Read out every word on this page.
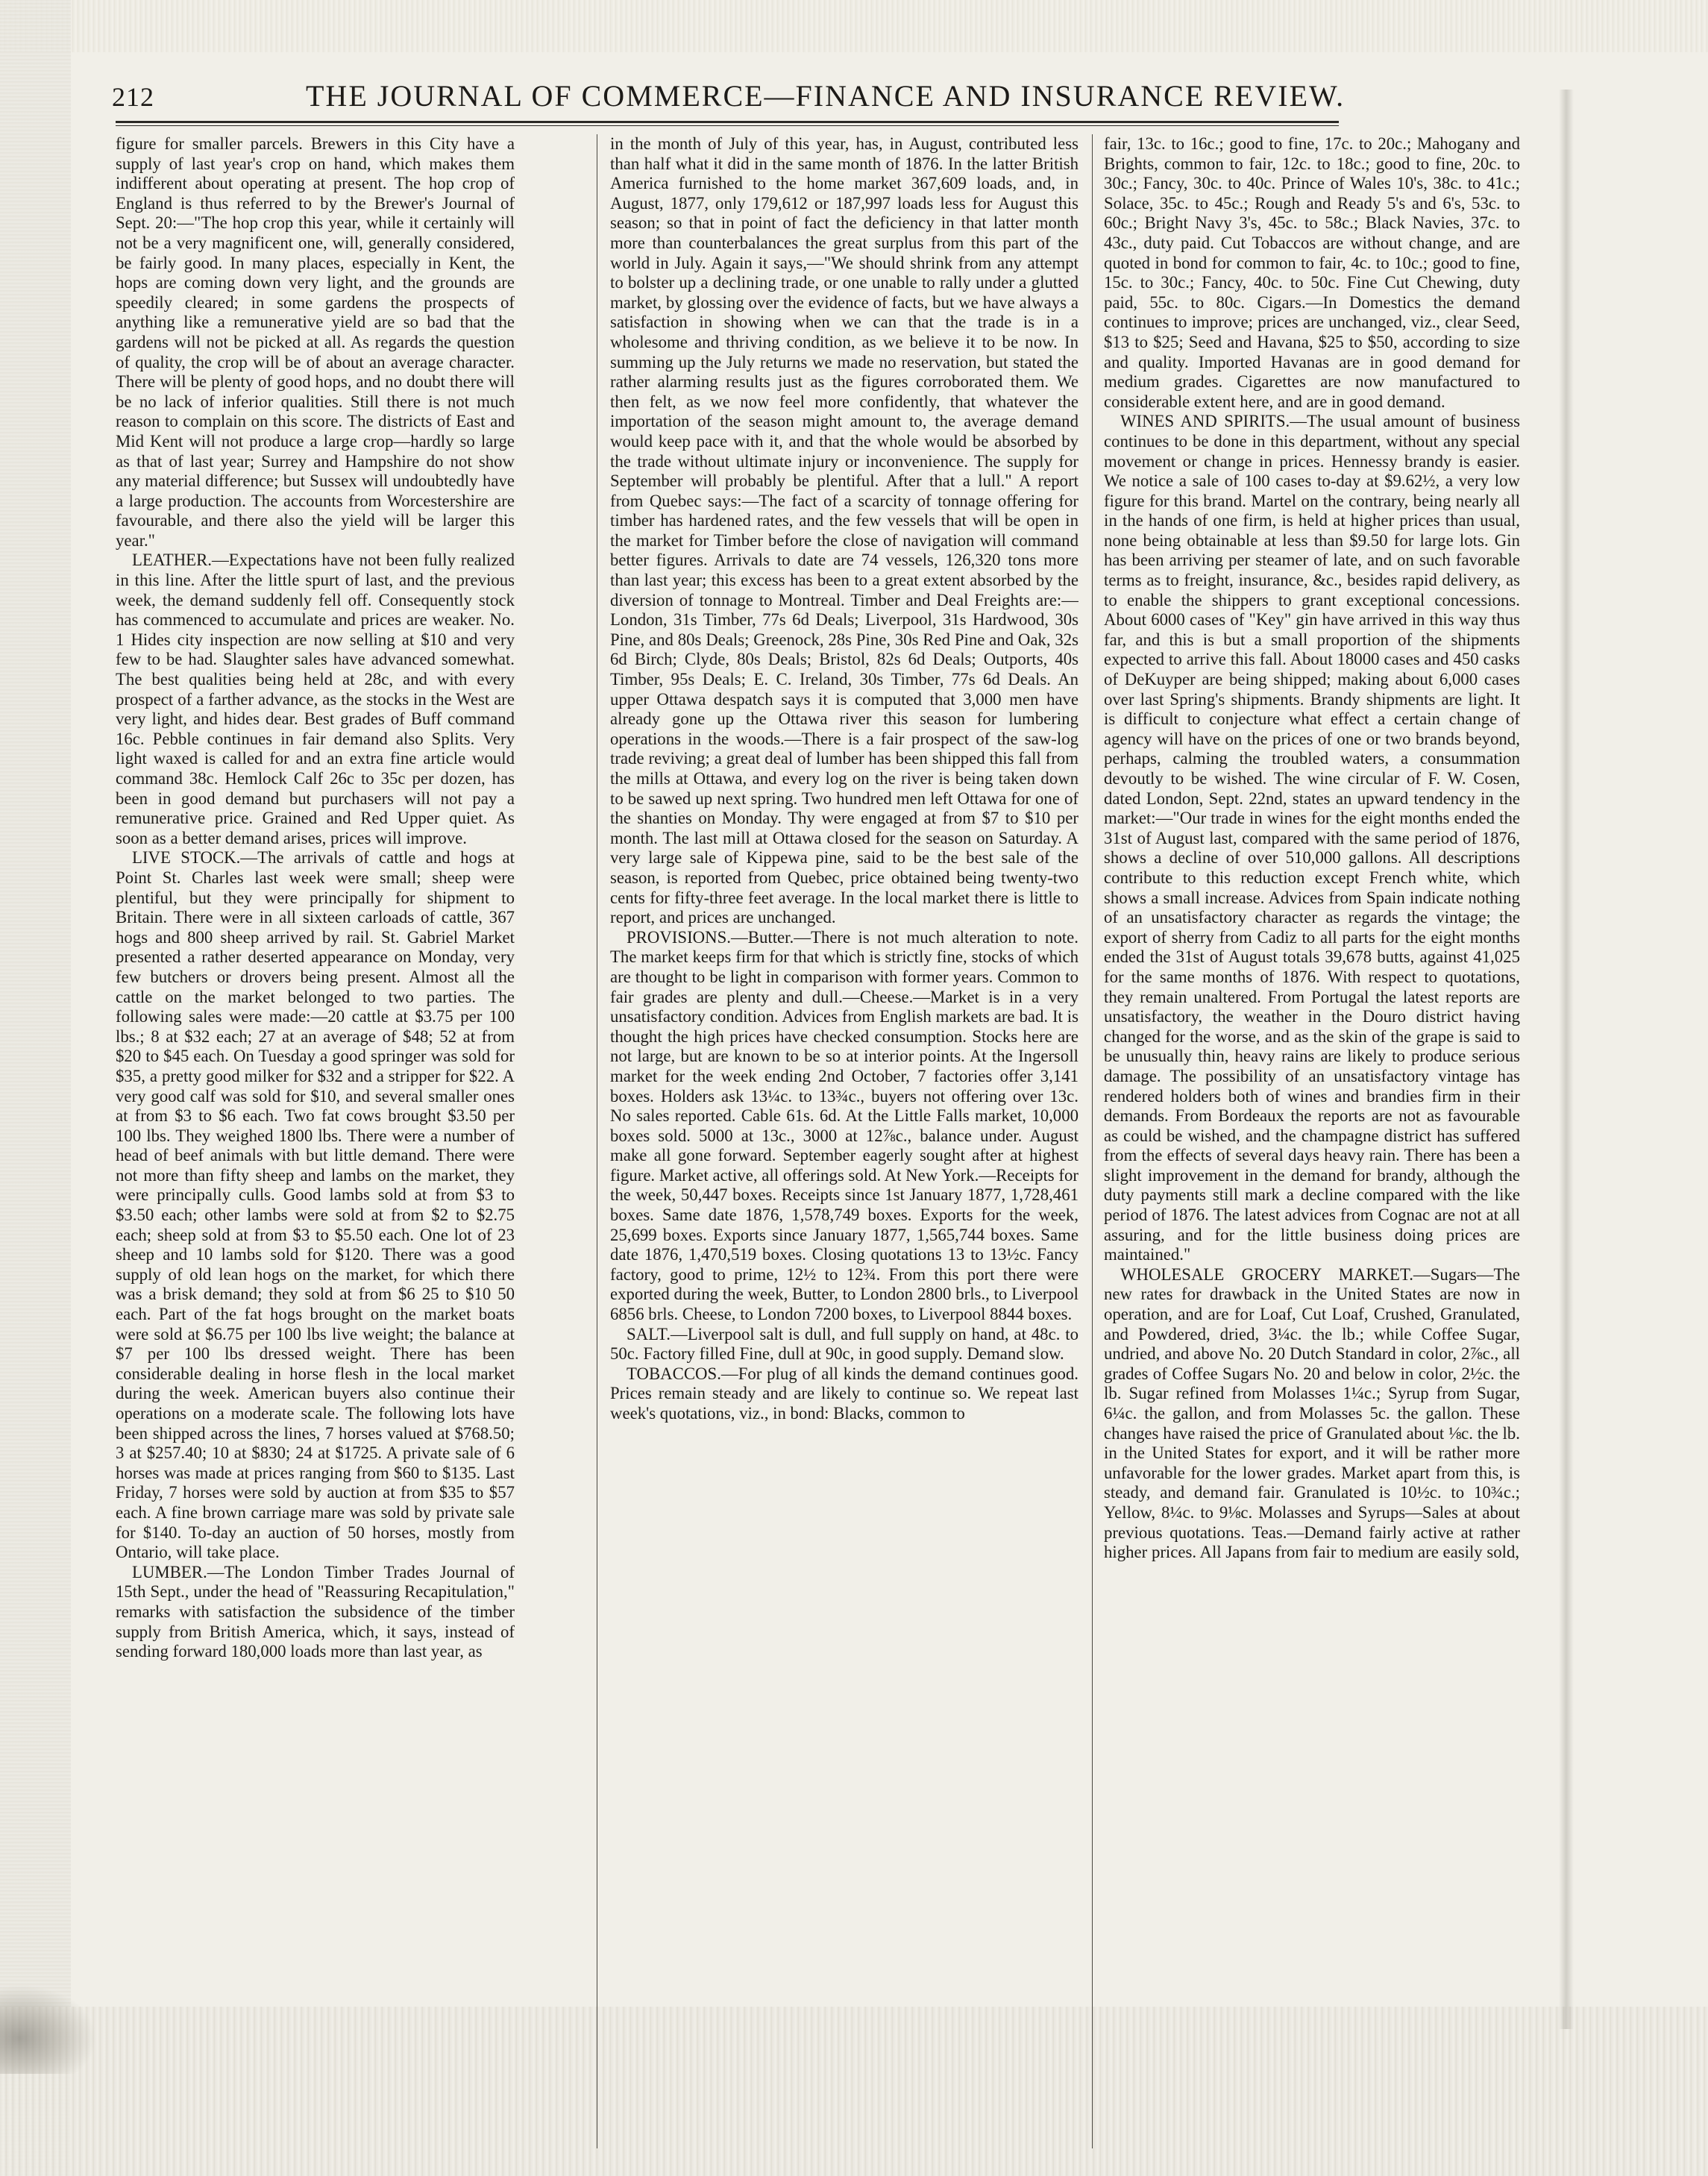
212	THE JOURNAL OF COMMERCE—FINANCE AND INSURANCE REVIEW.

figure for smaller parcels. Brewers in this City have a supply of last year's crop on hand, which makes them indifferent about operating at present. The hop crop of England is thus referred to by the Brewer's Journal of Sept. 20:—"The hop crop this year, while it certainly will not be a very magnificent one, will, generally considered, be fairly good. In many places, especially in Kent, the hops are coming down very light, and the grounds are speedily cleared; in some gardens the prospects of anything like a remunerative yield are so bad that the gardens will not be picked at all. As regards the question of quality, the crop will be of about an average character. There will be plenty of good hops, and no doubt there will be no lack of inferior qualities. Still there is not much reason to complain on this score. The districts of East and Mid Kent will not produce a large crop—hardly so large as that of last year; Surrey and Hampshire do not show any material difference; but Sussex will undoubtedly have a large production. The accounts from Worcestershire are favourable, and there also the yield will be larger this year."

LEATHER.—Expectations have not been fully realized in this line. After the little spurt of last, and the previous week, the demand suddenly fell off. Consequently stock has commenced to accumulate and prices are weaker. No. 1 Hides city inspection are now selling at $10 and very few to be had. Slaughter sales have advanced somewhat. The best qualities being held at 28c, and with every prospect of a farther advance, as the stocks in the West are very light, and hides dear. Best grades of Buff command 16c. Pebble continues in fair demand also Splits. Very light waxed is called for and an extra fine article would command 38c. Hemlock Calf 26c to 35c per dozen, has been in good demand but purchasers will not pay a remunerative price. Grained and Red Upper quiet. As soon as a better demand arises, prices will improve.

LIVE STOCK.—The arrivals of cattle and hogs at Point St. Charles last week were small; sheep were plentiful, but they were principally for shipment to Britain. There were in all sixteen carloads of cattle, 367 hogs and 800 sheep arrived by rail. St. Gabriel Market presented a rather deserted appearance on Monday, very few butchers or drovers being present. Almost all the cattle on the market belonged to two parties. The following sales were made:—20 cattle at $3.75 per 100 lbs.; 8 at $32 each; 27 at an average of $48; 52 at from $20 to $45 each. On Tuesday a good springer was sold for $35, a pretty good milker for $32 and a stripper for $22. A very good calf was sold for $10, and several smaller ones at from $3 to $6 each. Two fat cows brought $3.50 per 100 lbs. They weighed 1800 lbs. There were a number of head of beef animals with but little demand. There were not more than fifty sheep and lambs on the market, they were principally culls. Good lambs sold at from $3 to $3.50 each; other lambs were sold at from $2 to $2.75 each; sheep sold at from $3 to $5.50 each. One lot of 23 sheep and 10 lambs sold for $120. There was a good supply of old lean hogs on the market, for which there was a brisk demand; they sold at from $6 25 to $10 50 each. Part of the fat hogs brought on the market boats were sold at $6.75 per 100 lbs live weight; the balance at $7 per 100 lbs dressed weight. There has been considerable dealing in horse flesh in the local market during the week. American buyers also continue their operations on a moderate scale. The following lots have been shipped across the lines, 7 horses valued at $768.50; 3 at $257.40; 10 at $830; 24 at $1725. A private sale of 6 horses was made at prices ranging from $60 to $135. Last Friday, 7 horses were sold by auction at from $35 to $57 each. A fine brown carriage mare was sold by private sale for $140. To-day an auction of 50 horses, mostly from Ontario, will take place.

LUMBER.—The London Timber Trades Journal of 15th Sept., under the head of "Reassuring Recapitulation," remarks with satisfaction the subsidence of the timber supply from British America, which, it says, instead of sending forward 180,000 loads more than last year, as

in the month of July of this year, has, in August, contributed less than half what it did in the same month of 1876. In the latter British America furnished to the home market 367,609 loads, and, in August, 1877, only 179,612 or 187,997 loads less for August this season; so that in point of fact the deficiency in that latter month more than counterbalances the great surplus from this part of the world in July. Again it says,—"We should shrink from any attempt to bolster up a declining trade, or one unable to rally under a glutted market, by glossing over the evidence of facts, but we have always a satisfaction in showing when we can that the trade is in a wholesome and thriving condition, as we believe it to be now. In summing up the July returns we made no reservation, but stated the rather alarming results just as the figures corroborated them. We then felt, as we now feel more confidently, that whatever the importation of the season might amount to, the average demand would keep pace with it, and that the whole would be absorbed by the trade without ultimate injury or inconvenience. The supply for September will probably be plentiful. After that a lull." A report from Quebec says:—The fact of a scarcity of tonnage offering for timber has hardened rates, and the few vessels that will be open in the market for Timber before the close of navigation will command better figures. Arrivals to date are 74 vessels, 126,320 tons more than last year; this excess has been to a great extent absorbed by the diversion of tonnage to Montreal. Timber and Deal Freights are:—London, 31s Timber, 77s 6d Deals; Liverpool, 31s Hardwood, 30s Pine, and 80s Deals; Greenock, 28s Pine, 30s Red Pine and Oak, 32s 6d Birch; Clyde, 80s Deals; Bristol, 82s 6d Deals; Outports, 40s Timber, 95s Deals; E. C. Ireland, 30s Timber, 77s 6d Deals. An upper Ottawa despatch says it is computed that 3,000 men have already gone up the Ottawa river this season for lumbering operations in the woods.—There is a fair prospect of the saw-log trade reviving; a great deal of lumber has been shipped this fall from the mills at Ottawa, and every log on the river is being taken down to be sawed up next spring. Two hundred men left Ottawa for one of the shanties on Monday. Thy were engaged at from $7 to $10 per month. The last mill at Ottawa closed for the season on Saturday. A very large sale of Kippewa pine, said to be the best sale of the season, is reported from Quebec, price obtained being twenty-two cents for fifty-three feet average. In the local market there is little to report, and prices are unchanged.

PROVISIONS.—Butter.—There is not much alteration to note. The market keeps firm for that which is strictly fine, stocks of which are thought to be light in comparison with former years. Common to fair grades are plenty and dull.—Cheese.—Market is in a very unsatisfactory condition. Advices from English markets are bad. It is thought the high prices have checked consumption. Stocks here are not large, but are known to be so at interior points. At the Ingersoll market for the week ending 2nd October, 7 factories offer 3,141 boxes. Holders ask 13¼c. to 13¾c., buyers not offering over 13c. No sales reported. Cable 61s. 6d. At the Little Falls market, 10,000 boxes sold. 5000 at 13c., 3000 at 12⅞c., balance under. August make all gone forward. September eagerly sought after at highest figure. Market active, all offerings sold. At New York.—Receipts for the week, 50,447 boxes. Receipts since 1st January 1877, 1,728,461 boxes. Same date 1876, 1,578,749 boxes. Exports for the week, 25,699 boxes. Exports since January 1877, 1,565,744 boxes. Same date 1876, 1,470,519 boxes. Closing quotations 13 to 13½c. Fancy factory, good to prime, 12½ to 12¾. From this port there were exported during the week, Butter, to London 2800 brls., to Liverpool 6856 brls. Cheese, to London 7200 boxes, to Liverpool 8844 boxes.

SALT.—Liverpool salt is dull, and full supply on hand, at 48c. to 50c. Factory filled Fine, dull at 90c, in good supply. Demand slow.

TOBACCOS.—For plug of all kinds the demand continues good. Prices remain steady and are likely to continue so. We repeat last week's quotations, viz., in bond: Blacks, common to

fair, 13c. to 16c.; good to fine, 17c. to 20c.; Mahogany and Brights, common to fair, 12c. to 18c.; good to fine, 20c. to 30c.; Fancy, 30c. to 40c. Prince of Wales 10's, 38c. to 41c.; Solace, 35c. to 45c.; Rough and Ready 5's and 6's, 53c. to 60c.; Bright Navy 3's, 45c. to 58c.; Black Navies, 37c. to 43c., duty paid. Cut Tobaccos are without change, and are quoted in bond for common to fair, 4c. to 10c.; good to fine, 15c. to 30c.; Fancy, 40c. to 50c. Fine Cut Chewing, duty paid, 55c. to 80c. Cigars.—In Domestics the demand continues to improve; prices are unchanged, viz., clear Seed, $13 to $25; Seed and Havana, $25 to $50, according to size and quality. Imported Havanas are in good demand for medium grades. Cigarettes are now manufactured to considerable extent here, and are in good demand.

WINES AND SPIRITS.—The usual amount of business continues to be done in this department, without any special movement or change in prices. Hennessy brandy is easier. We notice a sale of 100 cases to-day at $9.62½, a very low figure for this brand. Martel on the contrary, being nearly all in the hands of one firm, is held at higher prices than usual, none being obtainable at less than $9.50 for large lots. Gin has been arriving per steamer of late, and on such favorable terms as to freight, insurance, &c., besides rapid delivery, as to enable the shippers to grant exceptional concessions. About 6000 cases of "Key" gin have arrived in this way thus far, and this is but a small proportion of the shipments expected to arrive this fall. About 18000 cases and 450 casks of DeKuyper are being shipped; making about 6,000 cases over last Spring's shipments. Brandy shipments are light. It is difficult to conjecture what effect a certain change of agency will have on the prices of one or two brands beyond, perhaps, calming the troubled waters, a consummation devoutly to be wished. The wine circular of F. W. Cosen, dated London, Sept. 22nd, states an upward tendency in the market:—"Our trade in wines for the eight months ended the 31st of August last, compared with the same period of 1876, shows a decline of over 510,000 gallons. All descriptions contribute to this reduction except French white, which shows a small increase. Advices from Spain indicate nothing of an unsatisfactory character as regards the vintage; the export of sherry from Cadiz to all parts for the eight months ended the 31st of August totals 39,678 butts, against 41,025 for the same months of 1876. With respect to quotations, they remain unaltered. From Portugal the latest reports are unsatisfactory, the weather in the Douro district having changed for the worse, and as the skin of the grape is said to be unusually thin, heavy rains are likely to produce serious damage. The possibility of an unsatisfactory vintage has rendered holders both of wines and brandies firm in their demands. From Bordeaux the reports are not as favourable as could be wished, and the champagne district has suffered from the effects of several days heavy rain. There has been a slight improvement in the demand for brandy, although the duty payments still mark a decline compared with the like period of 1876. The latest advices from Cognac are not at all assuring, and for the little business doing prices are maintained."

WHOLESALE GROCERY MARKET.—Sugars—The new rates for drawback in the United States are now in operation, and are for Loaf, Cut Loaf, Crushed, Granulated, and Powdered, dried, 3¼c. the lb.; while Coffee Sugar, undried, and above No. 20 Dutch Standard in color, 2⅞c., all grades of Coffee Sugars No. 20 and below in color, 2½c. the lb. Sugar refined from Molasses 1¼c.; Syrup from Sugar, 6¼c. the gallon, and from Molasses 5c. the gallon. These changes have raised the price of Granulated about ⅛c. the lb. in the United States for export, and it will be rather more unfavorable for the lower grades. Market apart from this, is steady, and demand fair. Granulated is 10½c. to 10¾c.; Yellow, 8¼c. to 9⅛c. Molasses and Syrups—Sales at about previous quotations. Teas.—Demand fairly active at rather higher prices. All Japans from fair to medium are easily sold,
